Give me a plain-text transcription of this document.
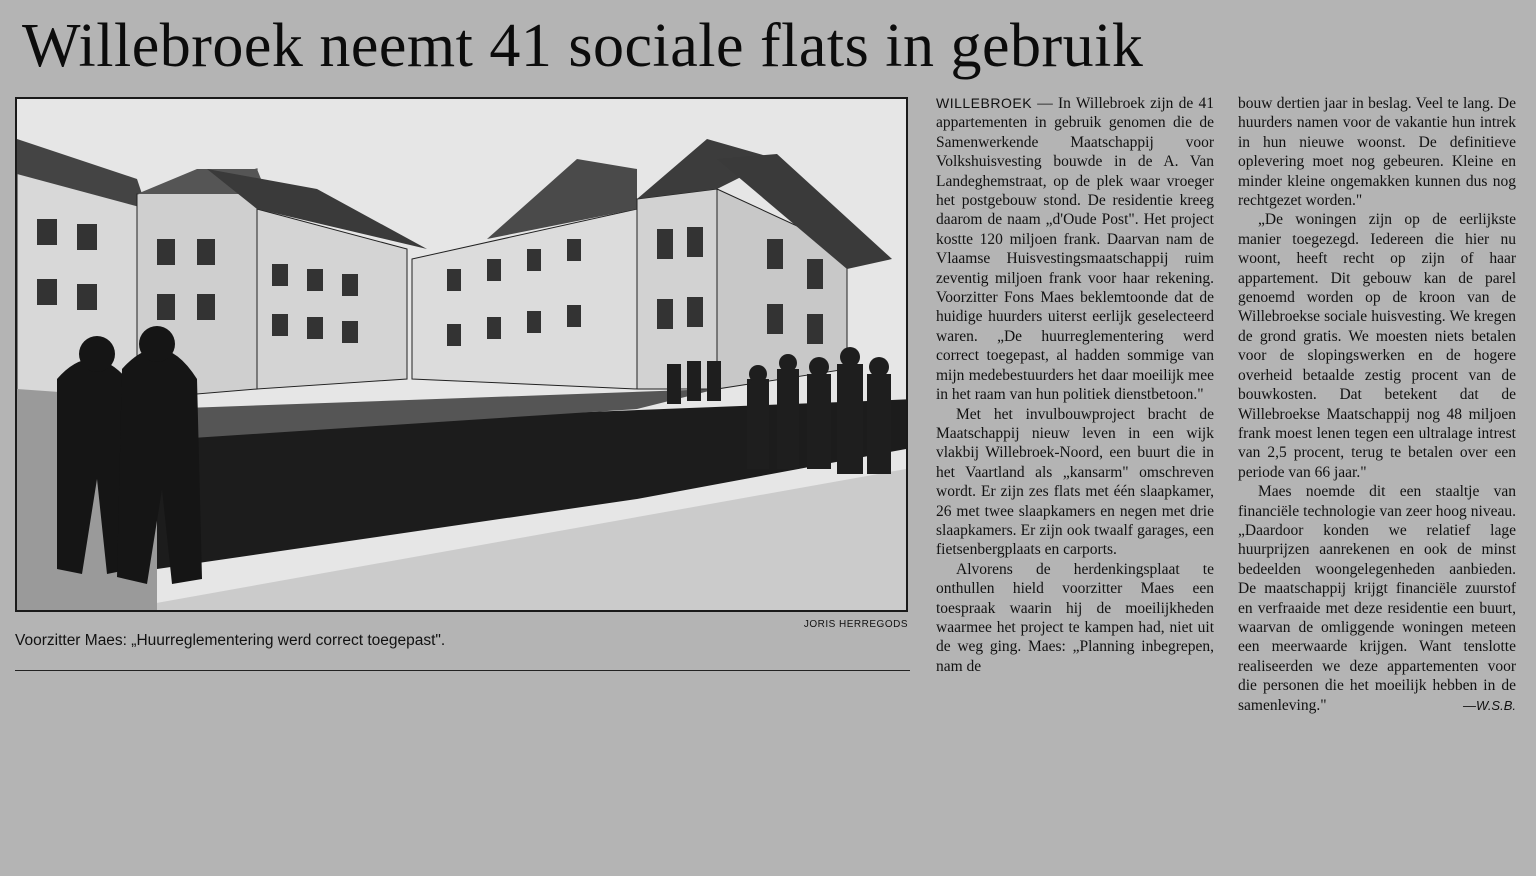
Willebroek neemt 41 sociale flats in gebruik
JORIS HERREGODS
Voorzitter Maes: „Huurreglementering werd correct toegepast".

WILLEBROEK — In Willebroek zijn de 41 appartementen in gebruik genomen die de Samenwerkende Maatschappij voor Volkshuisvesting bouwde in de A. Van Landeghemstraat, op de plek waar vroeger het postgebouw stond. De residentie kreeg daarom de naam „d'Oude Post". Het project kostte 120 miljoen frank. Daarvan nam de Vlaamse Huisvestingsmaatschappij ruim zeventig miljoen frank voor haar rekening. Voorzitter Fons Maes beklemtoonde dat de huidige huurders uiterst eerlijk geselecteerd waren. „De huurreglementering werd correct toegepast, al hadden sommige van mijn medebestuurders het daar moeilijk mee in het raam van hun politiek dienstbetoon."

Met het invulbouwproject bracht de Maatschappij nieuw leven in een wijk vlakbij Willebroek-Noord, een buurt die in het Vaartland als „kansarm" omschreven wordt. Er zijn zes flats met één slaapkamer, 26 met twee slaapkamers en negen met drie slaapkamers. Er zijn ook twaalf garages, een fietsenbergplaats en carports.

Alvorens de herdenkingsplaat te onthullen hield voorzitter Maes een toespraak waarin hij de moeilijkheden waarmee het project te kampen had, niet uit de weg ging. Maes: „Planning inbegrepen, nam de

bouw dertien jaar in beslag. Veel te lang. De huurders namen voor de vakantie hun intrek in hun nieuwe woonst. De definitieve oplevering moet nog gebeuren. Kleine en minder kleine ongemakken kunnen dus nog rechtgezet worden."

„De woningen zijn op de eerlijkste manier toegezegd. Iedereen die hier nu woont, heeft recht op zijn of haar appartement. Dit gebouw kan de parel genoemd worden op de kroon van de Willebroekse sociale huisvesting. We kregen de grond gratis. We moesten niets betalen voor de slopingswerken en de hogere overheid betaalde zestig procent van de bouwkosten. Dat betekent dat de Willebroekse Maatschappij nog 48 miljoen frank moest lenen tegen een ultralage intrest van 2,5 procent, terug te betalen over een periode van 66 jaar."

Maes noemde dit een staaltje van financiële technologie van zeer hoog niveau. „Daardoor konden we relatief lage huurprijzen aanrekenen en ook de minst bedeelden woongelegenheden aanbieden. De maatschappij krijgt financiële zuurstof en verfraaide met deze residentie een buurt, waarvan de omliggende woningen meteen een meerwaarde krijgen. Want tenslotte realiseerden we deze appartementen voor die personen die het moeilijk hebben in de samenleving."	—W.S.B.
